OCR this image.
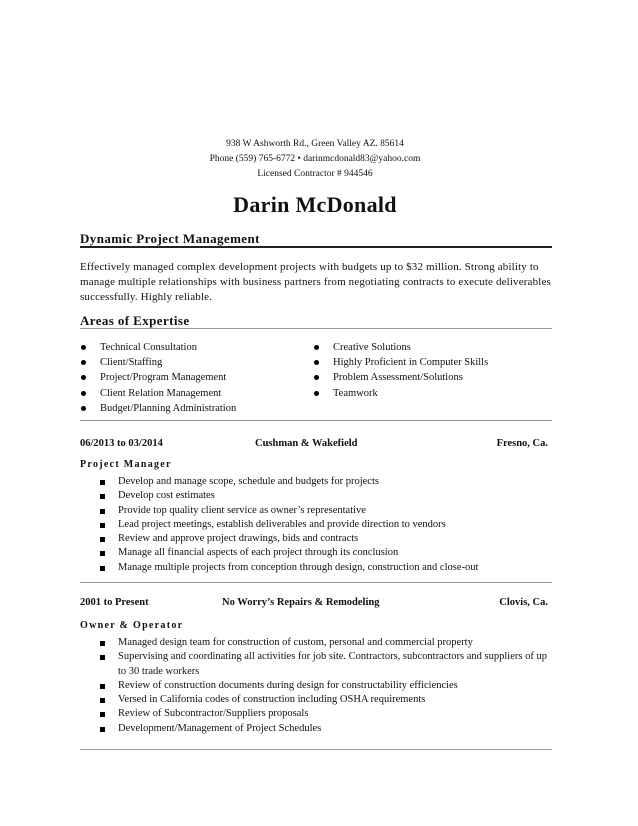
938 W Ashworth Rd., Green Valley AZ. 85614
Phone (559) 765-6772 • darinmcdonald83@yahoo.com
Licensed Contractor # 944546
Darin McDonald
Dynamic Project Management
Effectively managed complex development projects with budgets up to $32 million. Strong ability to manage multiple relationships with business partners from negotiating contracts to execute deliverables successfully. Highly reliable.
Areas of Expertise
Technical Consultation
Client/Staffing
Project/Program Management
Client Relation Management
Budget/Planning Administration
Creative Solutions
Highly Proficient in Computer Skills
Problem Assessment/Solutions
Teamwork
06/2013 to 03/2014	Cushman & Wakefield	Fresno, Ca.
Project Manager
Develop and manage scope, schedule and budgets for projects
Develop cost estimates
Provide top quality client service as owner’s representative
Lead project meetings, establish deliverables and provide direction to vendors
Review and approve project drawings, bids and contracts
Manage all financial aspects of each project through its conclusion
Manage multiple projects from conception through design, construction and close-out
2001 to Present	No Worry’s Repairs & Remodeling	Clovis, Ca.
Owner & Operator
Managed design team for construction of custom, personal and commercial property
Supervising and coordinating all activities for job site. Contractors, subcontractors and suppliers of up to 30 trade workers
Review of construction documents during design for constructability efficiencies
Versed in California codes of construction including OSHA requirements
Review of Subcontractor/Suppliers proposals
Development/Management of Project Schedules
